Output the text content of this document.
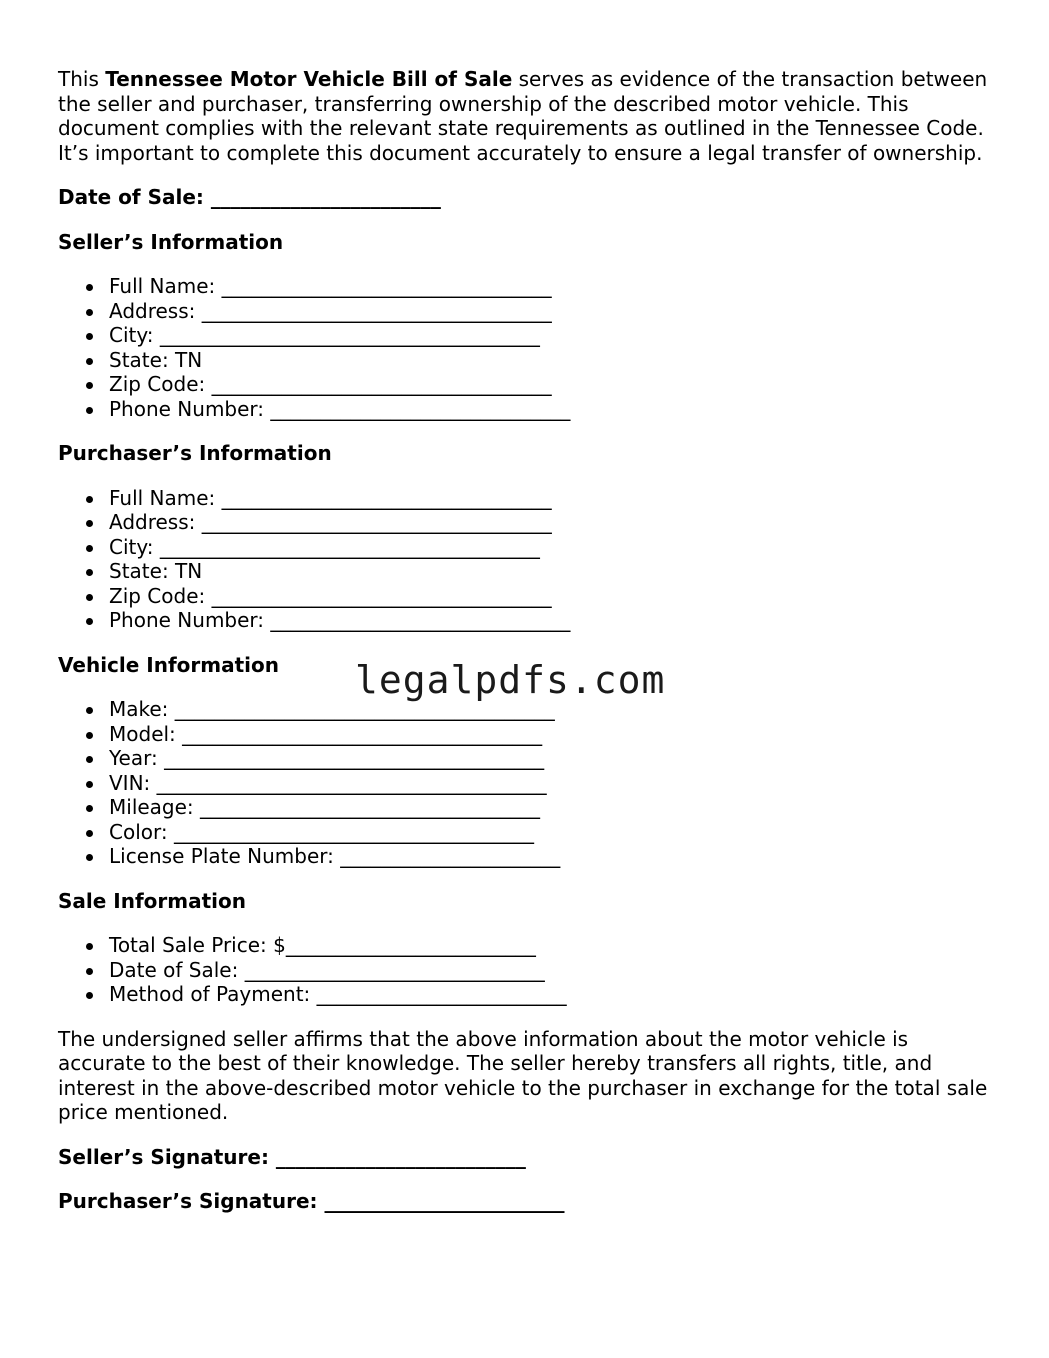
This Tennessee Motor Vehicle Bill of Sale serves as evidence of the transaction between the seller and purchaser, transferring ownership of the described motor vehicle. This document complies with the relevant state requirements as outlined in the Tennessee Code. It’s important to complete this document accurately to ensure a legal transfer of ownership.

Date of Sale: _______________________

Seller’s Information

Full Name: _________________________________
Address: ___________________________________
City: ______________________________________
State: TN
Zip Code: __________________________________
Phone Number: ______________________________

Purchaser’s Information

Full Name: _________________________________
Address: ___________________________________
City: ______________________________________
State: TN
Zip Code: __________________________________
Phone Number: ______________________________

Vehicle Information

Make: ______________________________________
Model: ____________________________________
Year: ______________________________________
VIN: _______________________________________
Mileage: __________________________________
Color: ____________________________________
License Plate Number: ______________________

Sale Information

Total Sale Price: $_________________________
Date of Sale: ______________________________
Method of Payment: _________________________

The undersigned seller affirms that the above information about the motor vehicle is accurate to the best of their knowledge. The seller hereby transfers all rights, title, and interest in the above-described motor vehicle to the purchaser in exchange for the total sale price mentioned.

Seller’s Signature: _________________________

Purchaser’s Signature: ________________________

legalpdfs.com
